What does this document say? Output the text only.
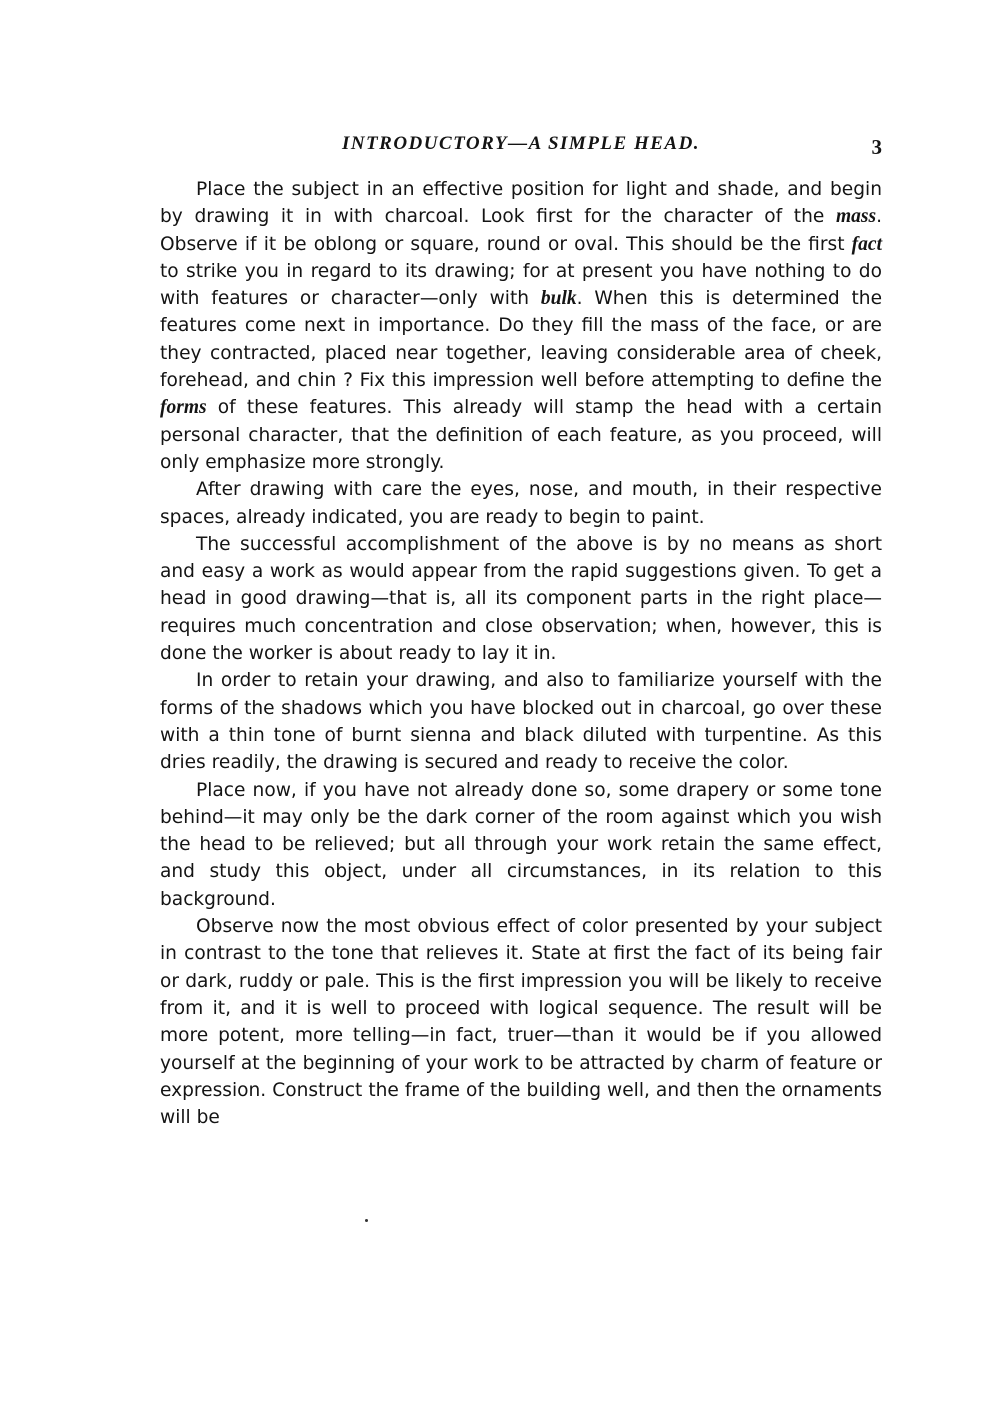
INTRODUCTORY—A SIMPLE HEAD.	3

Place the subject in an effective position for light and shade, and begin by drawing it in with charcoal. Look first for the character of the mass. Observe if it be oblong or square, round or oval. This should be the first fact to strike you in regard to its drawing; for at present you have nothing to do with features or character—only with bulk. When this is determined the features come next in importance. Do they fill the mass of the face, or are they contracted, placed near together, leaving considerable area of cheek, forehead, and chin ? Fix this impression well before attempting to define the forms of these features. This already will stamp the head with a certain personal character, that the definition of each feature, as you proceed, will only emphasize more strongly.

After drawing with care the eyes, nose, and mouth, in their respective spaces, already indicated, you are ready to begin to paint.

The successful accomplishment of the above is by no means as short and easy a work as would appear from the rapid suggestions given. To get a head in good drawing—that is, all its component parts in the right place—requires much concentration and close observation; when, however, this is done the worker is about ready to lay it in.

In order to retain your drawing, and also to familiarize yourself with the forms of the shadows which you have blocked out in charcoal, go over these with a thin tone of burnt sienna and black diluted with turpentine. As this dries readily, the drawing is secured and ready to receive the color.

Place now, if you have not already done so, some drapery or some tone behind—it may only be the dark corner of the room against which you wish the head to be relieved; but all through your work retain the same effect, and study this object, under all circumstances, in its relation to this background.

Observe now the most obvious effect of color presented by your subject in contrast to the tone that relieves it. State at first the fact of its being fair or dark, ruddy or pale. This is the first impression you will be likely to receive from it, and it is well to proceed with logical sequence. The result will be more potent, more telling—in fact, truer—than it would be if you allowed yourself at the beginning of your work to be attracted by charm of feature or expression. Construct the frame of the building well, and then the ornaments will be
